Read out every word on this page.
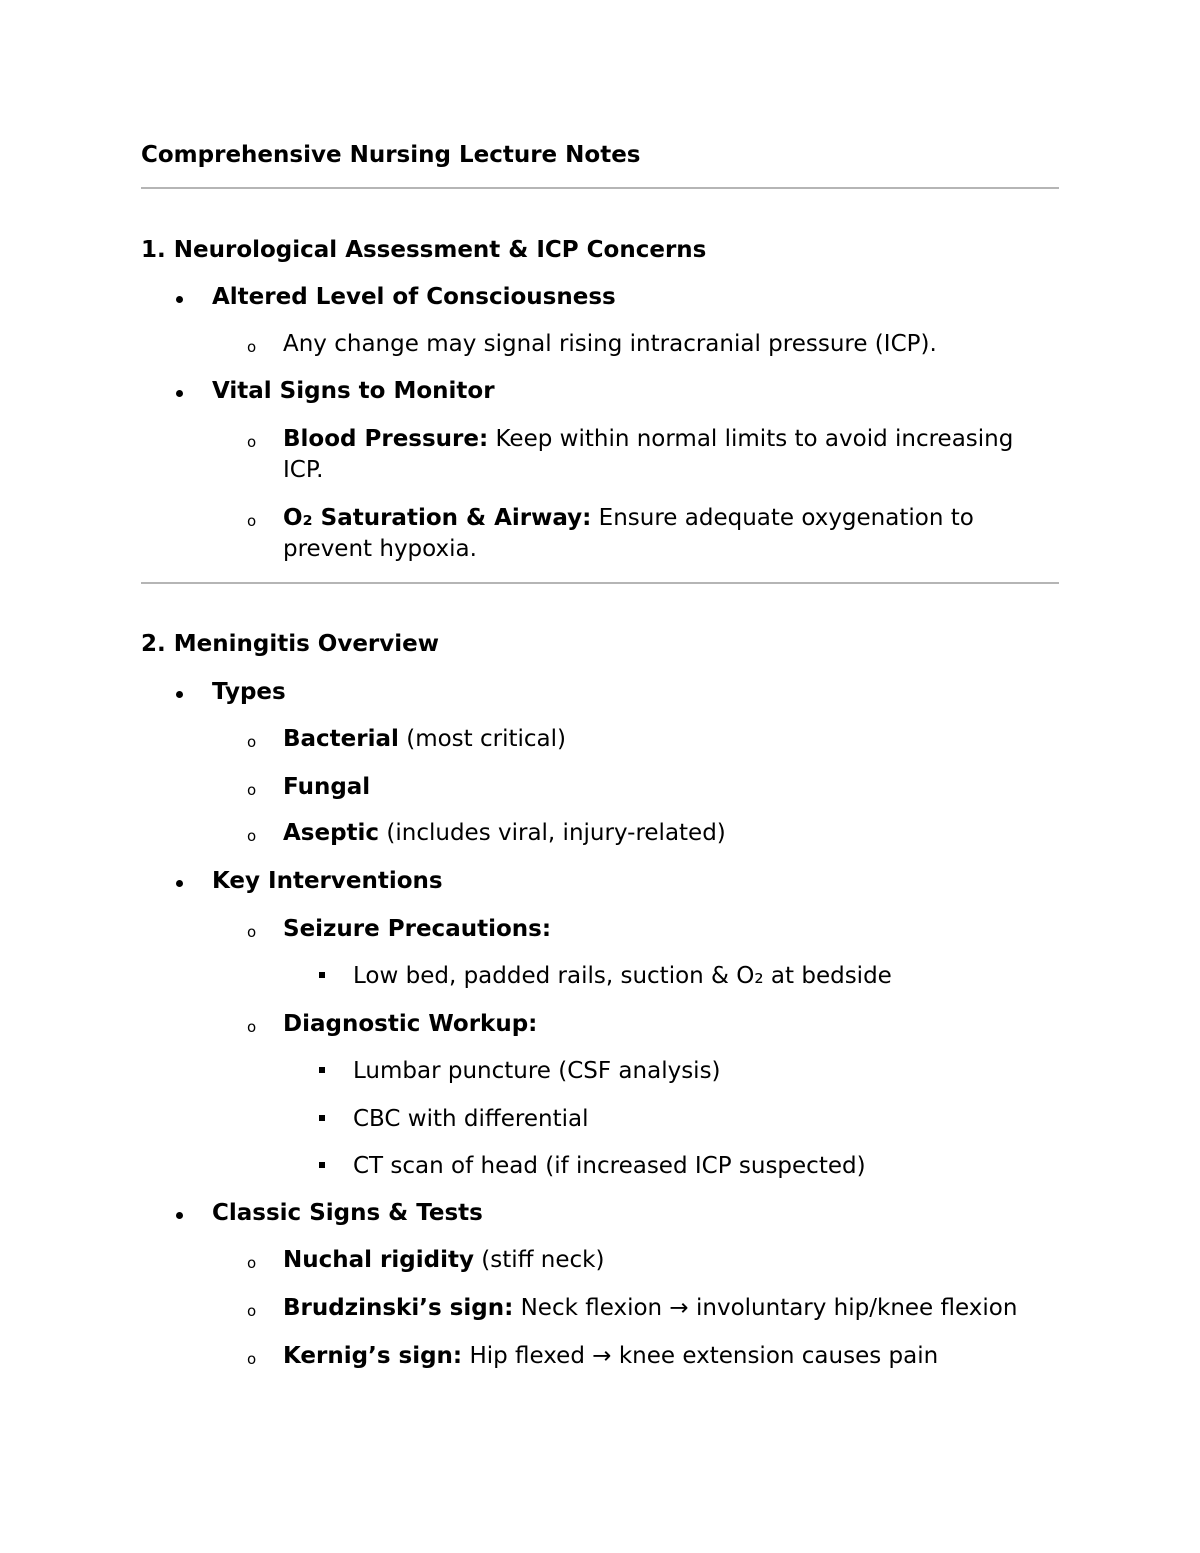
Comprehensive Nursing Lecture Notes
1. Neurological Assessment & ICP Concerns
Altered Level of Consciousness
o Any change may signal rising intracranial pressure (ICP).
Vital Signs to Monitor
o Blood Pressure: Keep within normal limits to avoid increasing
ICP.
o O₂ Saturation & Airway: Ensure adequate oxygenation to
prevent hypoxia.
2. Meningitis Overview
Types
o Bacterial (most critical)
o Fungal
o Aseptic (includes viral, injury-related)
Key Interventions
o Seizure Precautions:
Low bed, padded rails, suction & O₂ at bedside
o Diagnostic Workup:
Lumbar puncture (CSF analysis)
CBC with differential
CT scan of head (if increased ICP suspected)
Classic Signs & Tests
o Nuchal rigidity (stiff neck)
o Brudzinski’s sign: Neck flexion → involuntary hip/knee flexion
o Kernig’s sign: Hip flexed → knee extension causes pain
